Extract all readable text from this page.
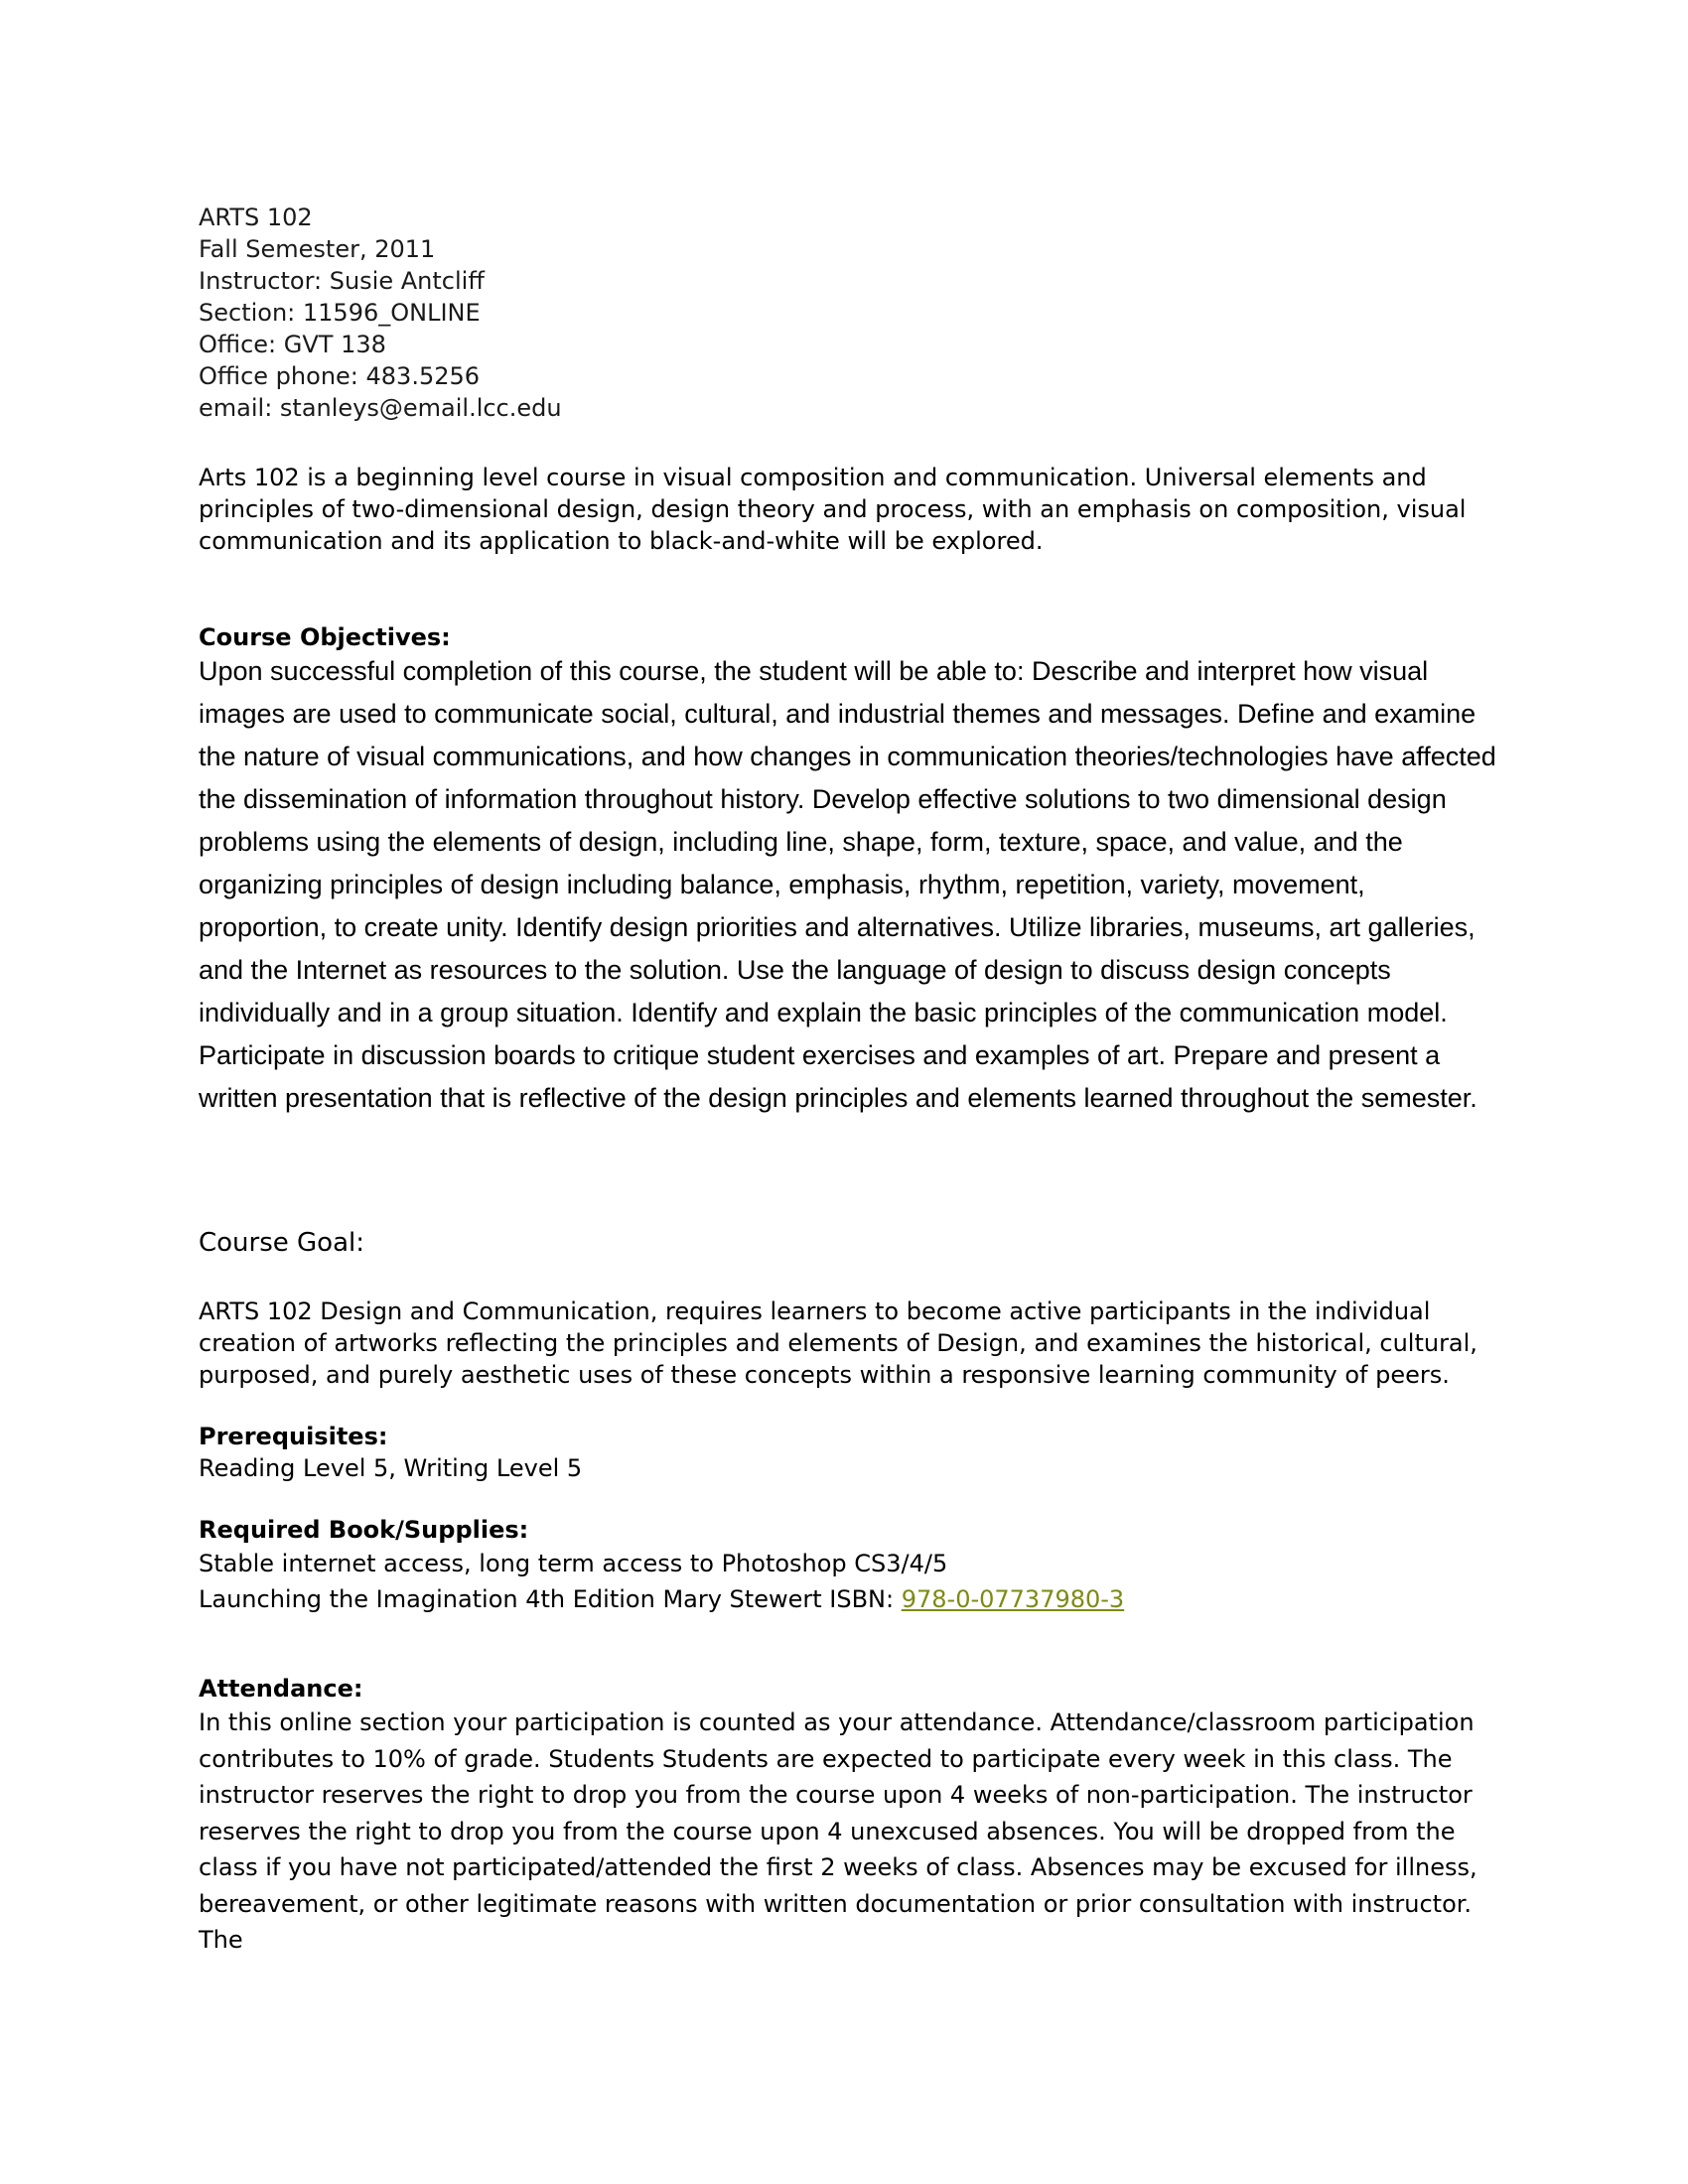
ARTS 102
Fall Semester, 2011
Instructor: Susie Antcliff
Section: 11596_ONLINE
Office: GVT 138
Office phone: 483.5256
email: stanleys@email.lcc.edu

Arts 102 is a beginning level course in visual composition and communication. Universal elements and principles of two-dimensional design, design theory and process, with an emphasis on composition, visual communication and its application to black-and-white will be explored.

Course Objectives:

Upon successful completion of this course, the student will be able to: Describe and interpret how visual images are used to communicate social, cultural, and industrial themes and messages. Define and examine the nature of visual communications, and how changes in communication theories/technologies have affected the dissemination of information throughout history. Develop effective solutions to two dimensional design problems using the elements of design, including line, shape, form, texture, space, and value, and the organizing principles of design including balance, emphasis, rhythm, repetition, variety, movement, proportion, to create unity. Identify design priorities and alternatives. Utilize libraries, museums, art galleries, and the Internet as resources to the solution. Use the language of design to discuss design concepts individually and in a group situation. Identify and explain the basic principles of the communication model. Participate in discussion boards to critique student exercises and examples of art. Prepare and present a written presentation that is reflective of the design principles and elements learned throughout the semester.

Course Goal:

ARTS 102 Design and Communication, requires learners to become active participants in the individual creation of artworks reflecting the principles and elements of Design, and examines the historical, cultural, purposed, and purely aesthetic uses of these concepts within a responsive learning community of peers.

Prerequisites:

Reading Level 5, Writing Level 5

Required Book/Supplies:

Stable internet access, long term access to Photoshop CS3/4/5

Launching the Imagination 4th Edition Mary Stewert ISBN: 978-0-07737980-3

Attendance:

In this online section your participation is counted as your attendance. Attendance/classroom participation contributes to 10% of grade. Students Students are expected to participate every week in this class. The instructor reserves the right to drop you from the course upon 4 weeks of non-participation. The instructor reserves the right to drop you from the course upon 4 unexcused absences. You will be dropped from the class if you have not participated/attended the first 2 weeks of class. Absences may be excused for illness, bereavement, or other legitimate reasons with written documentation or prior consultation with instructor. The
